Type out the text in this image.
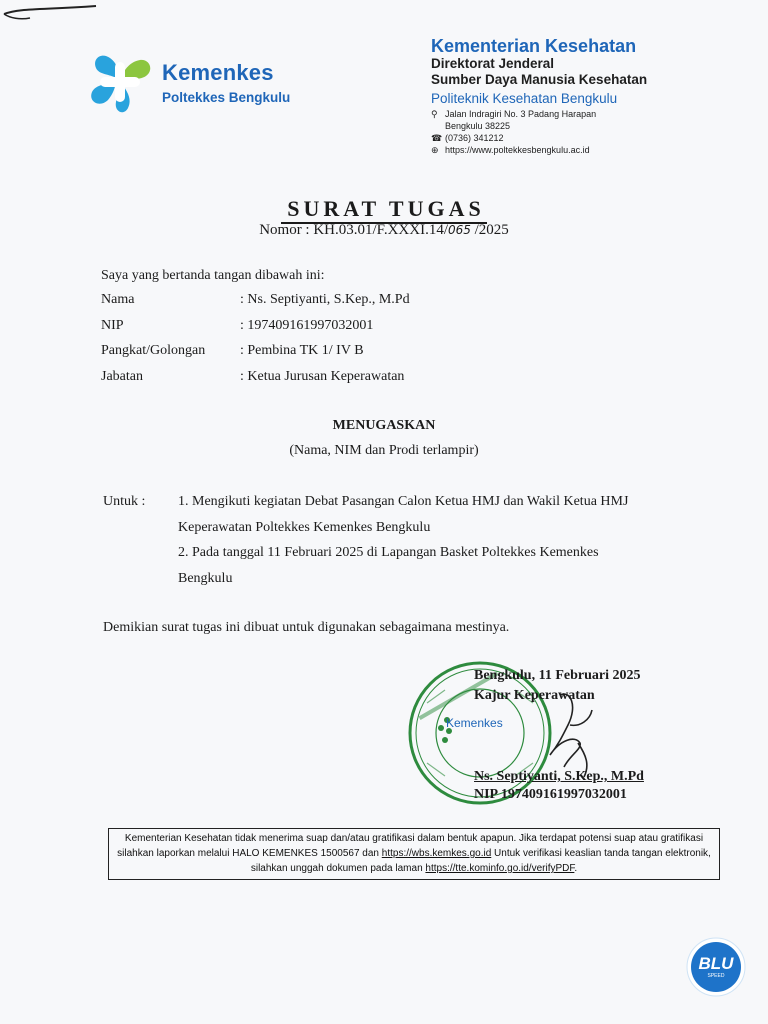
Kemenkes
Poltekkes Bengkulu
Kementerian Kesehatan
Direktorat Jenderal
Sumber Daya Manusia Kesehatan
Politeknik Kesehatan Bengkulu
⚲ Jalan Indragiri No. 3 Padang Harapan
Bengkulu 38225
☎ (0736) 341212
⊕ https://www.poltekkesbengkulu.ac.id
SURAT TUGAS
Nomor : KH.03.01/F.XXXI.14/065 /2025
Saya yang bertanda tangan dibawah ini:
Nama	: Ns. Septiyanti, S.Kep., M.Pd
NIP	: 197409161997032001
Pangkat/Golongan : Pembina TK 1/ IV B
Jabatan	: Ketua Jurusan Keperawatan
MENUGASKAN
(Nama, NIM dan Prodi terlampir)
Untuk : 1. Mengikuti kegiatan Debat Pasangan Calon Ketua HMJ dan Wakil Ketua HMJ
Keperawatan Poltekkes Kemenkes Bengkulu
2. Pada tanggal 11 Februari 2025 di Lapangan Basket Poltekkes Kemenkes
Bengkulu
Demikian surat tugas ini dibuat untuk digunakan sebagaimana mestinya.
Kemenkes
Bengkulu, 11 Februari 2025
Kajur Keperawatan
Ns. Septiyanti, S.Kep., M.Pd
NIP 197409161997032001
Kementerian Kesehatan tidak menerima suap dan/atau gratifikasi dalam bentuk apapun. Jika terdapat potensi suap atau gratifikasi silahkan laporkan melalui HALO KEMENKES 1500567 dan https://wbs.kemkes.go.id Untuk verifikasi keaslian tanda tangan elektronik, silahkan unggah dokumen pada laman https://tte.kominfo.go.id/verifyPDF.
BLU
SPEED
